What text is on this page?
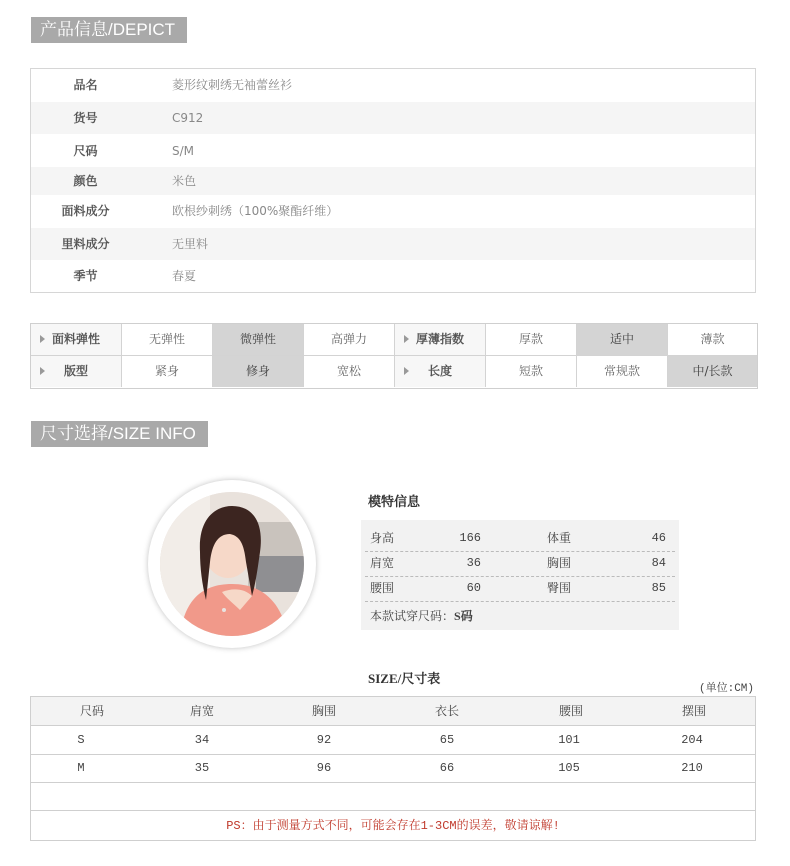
产品信息/DEPICT
品名	菱形纹刺绣无袖蕾丝衫
货号	C912
尺码	S/M
颜色	米色
面料成分	欧根纱刺绣（100%聚酯纤维）
里料成分	无里料
季节	春夏
面料弹性	无弹性	微弹性	高弹力	厚薄指数	厚款	适中	薄款
版型	紧身	修身	宽松	长度	短款	常规款	中/长款
尺寸选择/SIZE INFO
模特信息
身高	166	体重	46
肩宽	36	胸围	84
腰围	60	臀围	85
本款试穿尺码：S码
SIZE/尺寸表
(单位:CM)
尺码	肩宽	胸围	衣长	腰围	摆围
S	34	92	65	101	204
M	35	96	66	105	210
PS：由于测量方式不同，可能会存在1-3CM的误差，敬请谅解!
